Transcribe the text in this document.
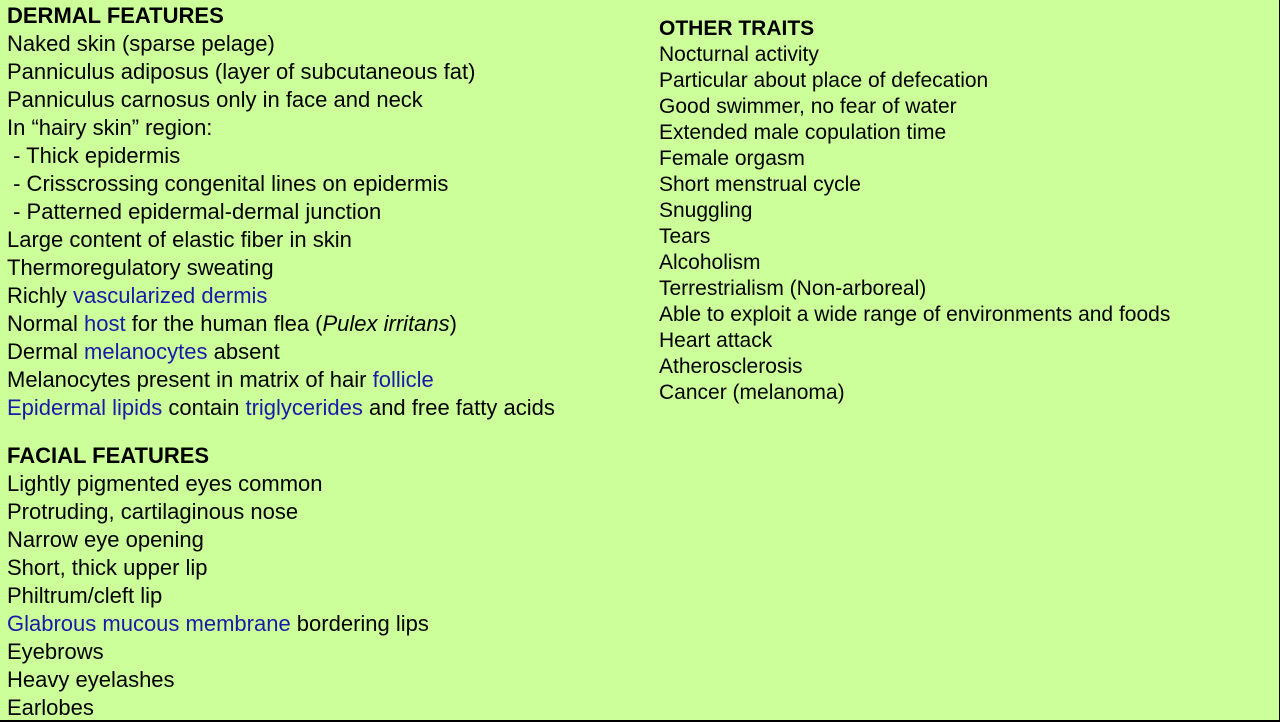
DERMAL FEATURES
Naked skin (sparse pelage)
Panniculus adiposus (layer of subcutaneous fat)
Panniculus carnosus only in face and neck
In “hairy skin” region:
- Thick epidermis
- Crisscrossing congenital lines on epidermis
- Patterned epidermal-dermal junction
Large content of elastic fiber in skin
Thermoregulatory sweating
Richly vascularized dermis
Normal host for the human flea (Pulex irritans)
Dermal melanocytes absent
Melanocytes present in matrix of hair follicle
Epidermal lipids contain triglycerides and free fatty acids
FACIAL FEATURES
Lightly pigmented eyes common
Protruding, cartilaginous nose
Narrow eye opening
Short, thick upper lip
Philtrum/cleft lip
Glabrous mucous membrane bordering lips
Eyebrows
Heavy eyelashes
Earlobes
OTHER TRAITS
Nocturnal activity
Particular about place of defecation
Good swimmer, no fear of water
Extended male copulation time
Female orgasm
Short menstrual cycle
Snuggling
Tears
Alcoholism
Terrestrialism (Non-arboreal)
Able to exploit a wide range of environments and foods
Heart attack
Atherosclerosis
Cancer (melanoma)
